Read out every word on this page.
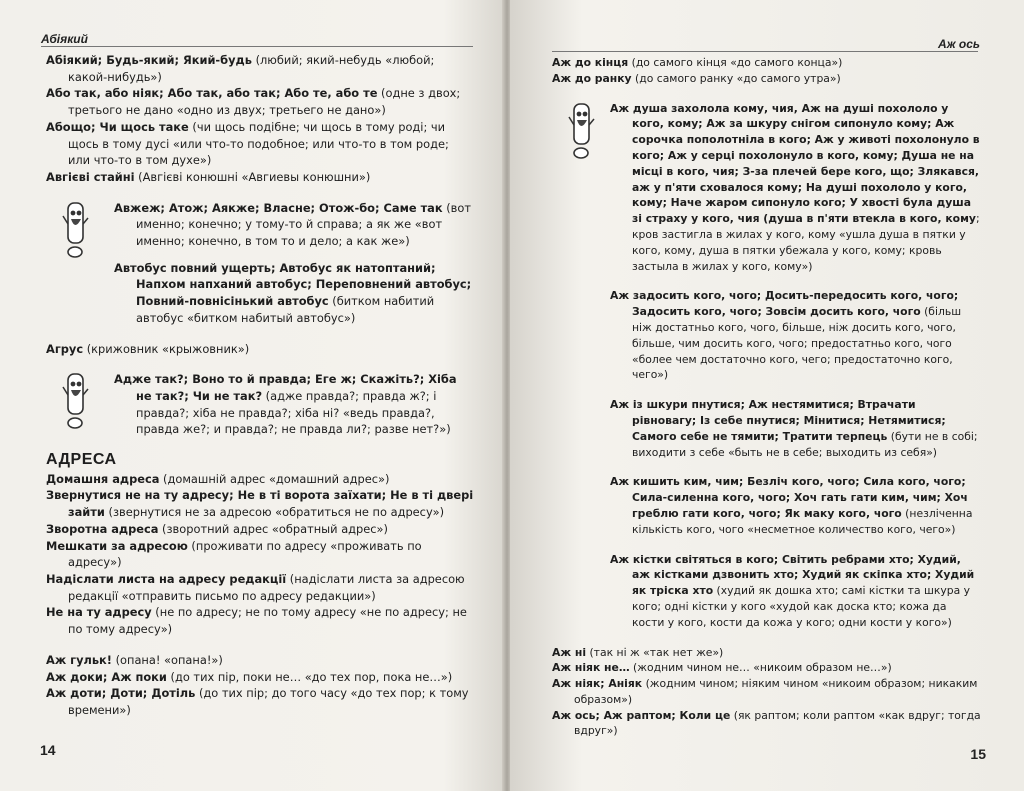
Абіякий
Абіякий; Будь-який; Який-будь (любий; який-небудь «любой; какой-нибудь»)
Або так, або ніяк; Або так, або так; Або те, або те (одне з двох; третього не дано «одно из двух; третьего не дано»)
Абощо; Чи щось таке (чи щось подібне; чи щось в тому роді; чи щось в тому дусі «или что-то подобное; или что-то в том роде; или что-то в том духе»)
Авгієві стайні (Авгієві конюшні «Авгиевы конюшни»)
Авжеж; Атож; Аякже; Власне; Отож-бо; Саме так (вот именно; конечно; у тому-то й справа; а як же «вот именно; конечно, в том то и дело; а как же»)
Автобус повний ущерть; Автобус як натоптаний; Напхом напханий автобус; Переповнений автобус; Повний-повнісінький автобус (битком набитий автобус «битком набитый автобус»)
Агрус (крижовник «крыжовник»)
Адже так?; Воно то й правда; Еге ж; Скажіть?; Хіба не так?; Чи не так? (адже правда?; правда ж?; і правда?; хіба не правда?; хіба ні? «ведь правда?, правда же?; и правда?; не правда ли?; разве нет?»)
АДРЕСА
Домашня адреса (домашній адрес «домашний адрес»)
Звернутися не на ту адресу; Не в ті ворота заїхати; Не в ті двері зайти (звернутися не за адресою «обратиться не по адресу»)
Зворотна адреса (зворотний адрес «обратный адрес»)
Мешкати за адресою (проживати по адресу «проживать по адресу»)
Надіслати листа на адресу редакції (надіслати листа за адресою редакції «отправить письмо по адресу редакции»)
Не на ту адресу (не по адресу; не по тому адресу «не по адресу; не по тому адресу»)
Аж гульк! (опана! «опана!»)
Аж доки; Аж поки (до тих пір, поки не… «до тех пор, пока не…»)
Аж доти; Доти; Дотіль (до тих пір; до того часу «до тех пор; к тому времени»)
14
Аж ось
Аж до кінця (до самого кінця «до самого конца»)
Аж до ранку (до самого ранку «до самого утра»)
Аж душа захолола кому, чия, Аж на душі похололо у кого, кому; Аж за шкуру снігом сипонуло кому; Аж сорочка пополотніла в кого; Аж у животі похолонуло в кого; Аж у серці похолонуло в кого, кому; Душа не на місці в кого, чия; З-за плечей бере кого, що; Злякався, аж у п'яти сховалося кому; На душі похололо у кого, кому; Наче жаром сипонуло кого; У хвості була душа зі страху у кого, чия (душа в п'яти втекла в кого, кому; кров застигла в жилах у кого, кому «ушла душа в пятки у кого, кому, душа в пятки убежала у кого, кому; кровь застыла в жилах у кого, кому»)
Аж задосить кого, чого; Досить-передосить кого, чого; Задосить кого, чого; Зовсім досить кого, чого (більш ніж достатньо кого, чого, більше, ніж досить кого, чого, більше, чим досить кого, чого; предостатньо кого, чого «более чем достаточно кого, чего; предостаточно кого, чего»)
Аж із шкури пнутися; Аж нестямитися; Втрачати рівновагу; Із себе пнутися; Мінитися; Нетямитися; Самого себе не тямити; Тратити терпець (бути не в собі; виходити з себе «быть не в себе; выходить из себя»)
Аж кишить ким, чим; Безліч кого, чого; Сила кого, чого; Сила-силенна кого, чого; Хоч гать гати ким, чим; Хоч греблю гати кого, чого; Як маку кого, чого (незліченна кількість кого, чого «несметное количество кого, чего»)
Аж кістки світяться в кого; Світить ребрами хто; Худий, аж кістками дзвонить хто; Худий як скіпка хто; Худий як тріска хто (худий як дошка хто; самі кістки та шкура у кого; одні кістки у кого «худой как доска кто; кожа да кости у кого, кости да кожа у кого; одни кости у кого»)
Аж ні (так ні ж «так нет же»)
Аж ніяк не… (жодним чином не… «никоим образом не…»)
Аж ніяк; Аніяк (жодним чином; ніяким чином «никоим образом; никаким образом»)
Аж ось; Аж раптом; Коли це (як раптом; коли раптом «как вдруг; тогда вдруг»)
15
